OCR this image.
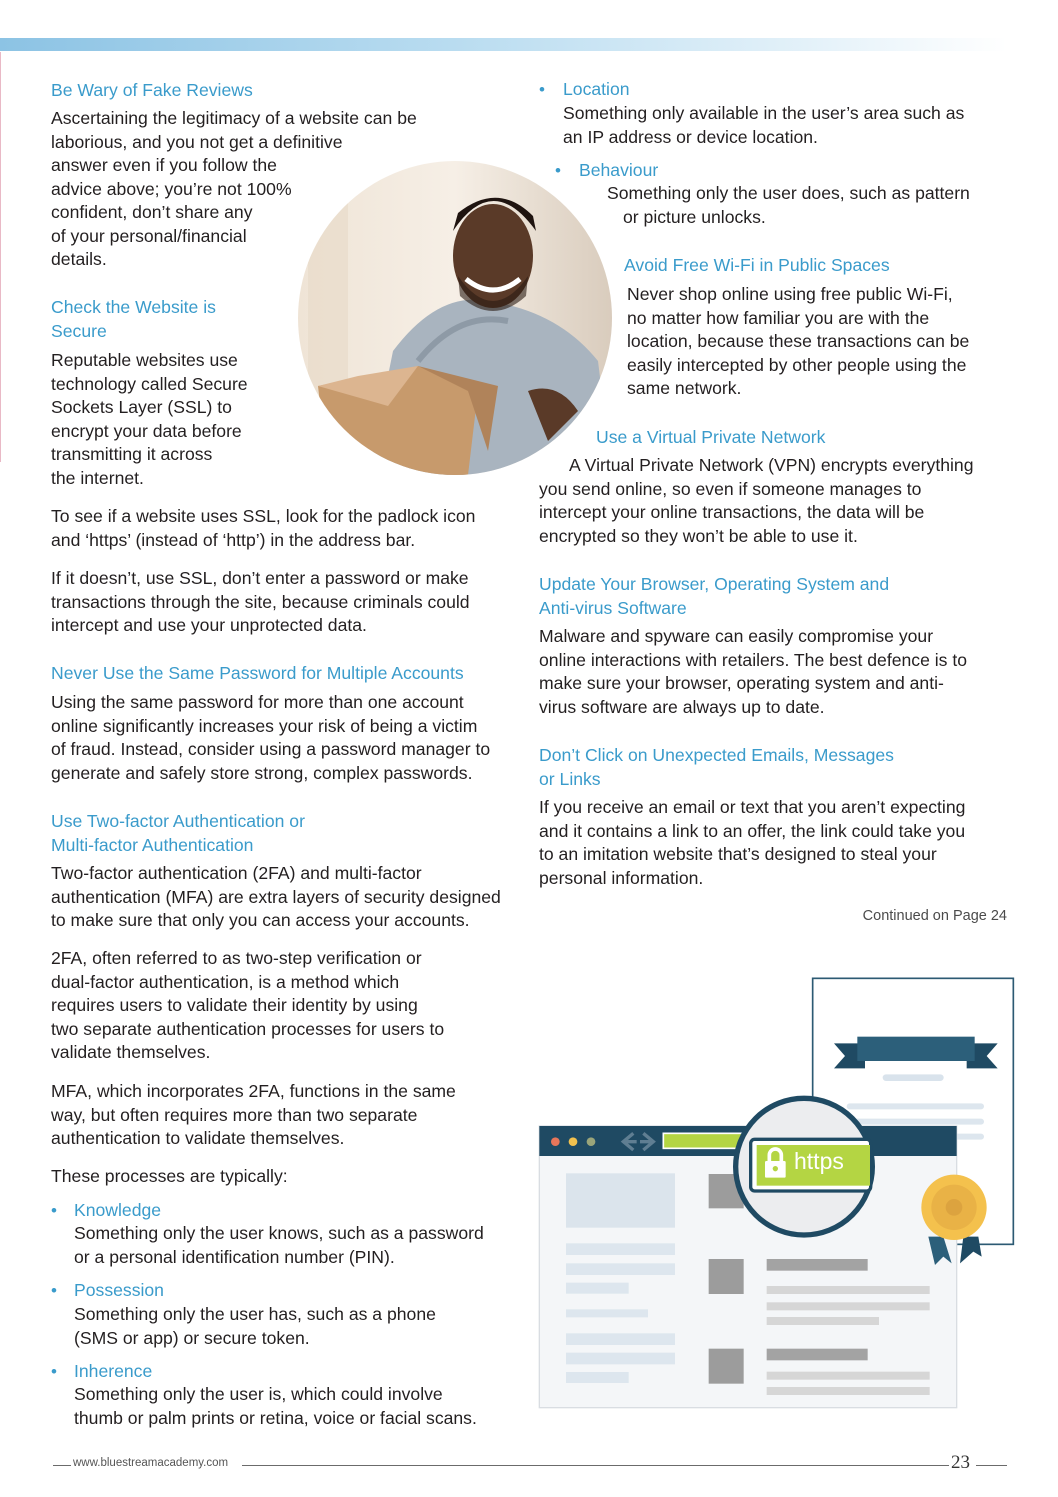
Be Wary of Fake Reviews
Ascertaining the legitimacy of a website can be
laborious, and you not get a definitive
answer even if you follow the
advice above; you’re not 100%
confident, don’t share any
of your personal/financial
details.
Check the Website is
Secure
Reputable websites use
technology called Secure
Sockets Layer (SSL) to
encrypt your data before
transmitting it across
the internet.
To see if a website uses SSL, look for the padlock icon
and ‘https’ (instead of ‘http’) in the address bar.
If it doesn’t, use SSL, don’t enter a password or make
transactions through the site, because criminals could
intercept and use your unprotected data.
Never Use the Same Password for Multiple Accounts
Using the same password for more than one account
online significantly increases your risk of being a victim
of fraud. Instead, consider using a password manager to
generate and safely store strong, complex passwords.
Use Two-factor Authentication or
Multi-factor Authentication
Two-factor authentication (2FA) and multi-factor
authentication (MFA) are extra layers of security designed
to make sure that only you can access your accounts.
2FA, often referred to as two-step verification or
dual-factor authentication, is a method which
requires users to validate their identity by using
two separate authentication processes for users to
validate themselves.
MFA, which incorporates 2FA, functions in the same
way, but often requires more than two separate
authentication to validate themselves.
These processes are typically:
• Knowledge
Something only the user knows, such as a password
or a personal identification number (PIN).
• Possession
Something only the user has, such as a phone
(SMS or app) or secure token.
• Inherence
Something only the user is, which could involve
thumb or palm prints or retina, voice or facial scans.
• Location
Something only available in the user’s area such as
an IP address or device location.
• Behaviour
Something only the user does, such as pattern
or picture unlocks.
Avoid Free Wi-Fi in Public Spaces
Never shop online using free public Wi-Fi,
no matter how familiar you are with the
location, because these transactions can be
easily intercepted by other people using the
same network.
Use a Virtual Private Network
A Virtual Private Network (VPN) encrypts everything
you send online, so even if someone manages to
intercept your online transactions, the data will be
encrypted so they won’t be able to use it.
Update Your Browser, Operating System and
Anti-virus Software
Malware and spyware can easily compromise your
online interactions with retailers. The best defence is to
make sure your browser, operating system and anti-
virus software are always up to date.
Don’t Click on Unexpected Emails, Messages
or Links
If you receive an email or text that you aren’t expecting
and it contains a link to an offer, the link could take you
to an imitation website that’s designed to steal your
personal information.
Continued on Page 24
https
www.bluestreamacademy.com	23
